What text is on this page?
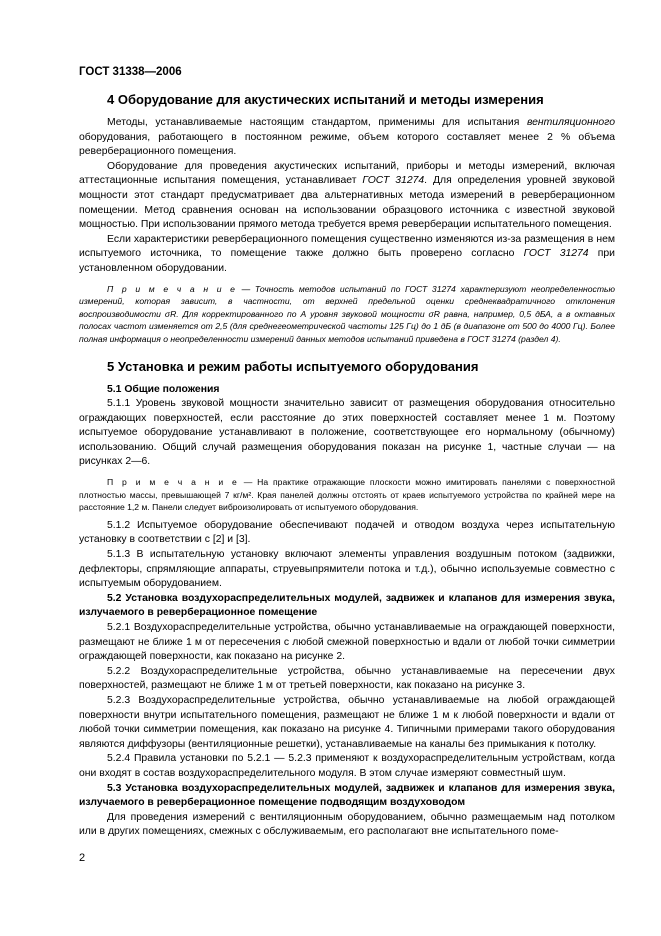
ГОСТ 31338—2006
4 Оборудование для акустических испытаний и методы измерения

Методы, устанавливаемые настоящим стандартом, применимы для испытания вентиляционного оборудования, работающего в постоянном режиме, объем которого составляет менее 2 % объема реверберационного помещения.

Оборудование для проведения акустических испытаний, приборы и методы измерений, включая аттестационные испытания помещения, устанавливает ГОСТ 31274. Для определения уровней звуковой мощности этот стандарт предусматривает два альтернативных метода измерений в реверберационном помещении. Метод сравнения основан на использовании образцового источника с известной звуковой мощностью. При использовании прямого метода требуется время реверберации испытательного помещения.

Если характеристики реверберационного помещения существенно изменяются из-за размещения в нем испытуемого источника, то помещение также должно быть проверено согласно ГОСТ 31274 при установленном оборудовании.

П р и м е ч а н и е — Точность методов испытаний по ГОСТ 31274 характеризуют неопределенностью измерений, которая зависит, в частности, от верхней предельной оценки среднеквадратичного отклонения воспроизводимости σR. Для корректированного по А уровня звуковой мощности σR равна, например, 0,5 дБА, а в октавных полосах частот изменяется от 2,5 (для среднегеометрической частоты 125 Гц) до 1 дБ (в диапазоне от 500 до 4000 Гц). Более полная информация о неопределенности измерений данных методов испытаний приведена в ГОСТ 31274 (раздел 4).

5 Установка и режим работы испытуемого оборудования

5.1 Общие положения

5.1.1 Уровень звуковой мощности значительно зависит от размещения оборудования относительно ограждающих поверхностей, если расстояние до этих поверхностей составляет менее 1 м. Поэтому испытуемое оборудование устанавливают в положение, соответствующее его нормальному (обычному) использованию. Общий случай размещения оборудования показан на рисунке 1, частные случаи — на рисунках 2—6.

П р и м е ч а н и е — На практике отражающие плоскости можно имитировать панелями с поверхностной плотностью массы, превышающей 7 кг/м². Края панелей должны отстоять от краев испытуемого устройства по крайней мере на расстояние 1,2 м. Панели следует виброизолировать от испытуемого оборудования.

5.1.2 Испытуемое оборудование обеспечивают подачей и отводом воздуха через испытательную установку в соответствии с [2] и [3].

5.1.3 В испытательную установку включают элементы управления воздушным потоком (задвижки, дефлекторы, спрямляющие аппараты, струевыпрямители потока и т.д.), обычно используемые совместно с испытуемым оборудованием.

5.2 Установка воздухораспределительных модулей, задвижек и клапанов для измерения звука, излучаемого в реверберационное помещение

5.2.1 Воздухораспределительные устройства, обычно устанавливаемые на ограждающей поверхности, размещают не ближе 1 м от пересечения с любой смежной поверхностью и вдали от любой точки симметрии ограждающей поверхности, как показано на рисунке 2.

5.2.2 Воздухораспределительные устройства, обычно устанавливаемые на пересечении двух поверхностей, размещают не ближе 1 м от третьей поверхности, как показано на рисунке 3.

5.2.3 Воздухораспределительные устройства, обычно устанавливаемые на любой ограждающей поверхности внутри испытательного помещения, размещают не ближе 1 м к любой поверхности и вдали от любой точки симметрии помещения, как показано на рисунке 4. Типичными примерами такого оборудования являются диффузоры (вентиляционные решетки), устанавливаемые на каналы без примыкания к потолку.

5.2.4 Правила установки по 5.2.1 — 5.2.3 применяют к воздухораспределительным устройствам, когда они входят в состав воздухораспределительного модуля. В этом случае измеряют совместный шум.

5.3 Установка воздухораспределительных модулей, задвижек и клапанов для измерения звука, излучаемого в реверберационное помещение подводящим воздуховодом

Для проведения измерений с вентиляционным оборудованием, обычно размещаемым над потолком или в других помещениях, смежных с обслуживаемым, его располагают вне испытательного поме-

2
